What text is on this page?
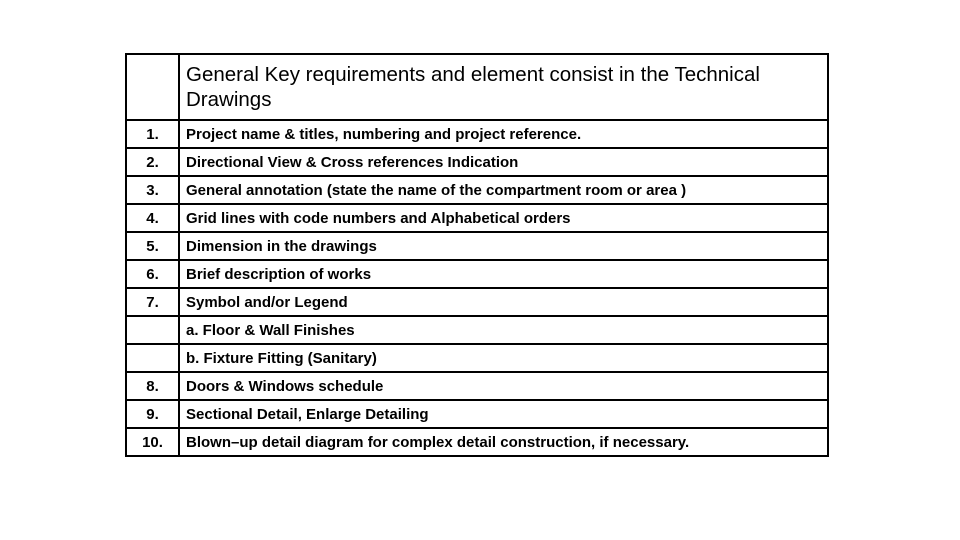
	General Key requirements and element consist in the Technical Drawings
1.	Project name & titles, numbering and project reference.
2.	Directional View & Cross references Indication
3.	General annotation (state the name of the compartment room or area )
4.	Grid lines with code numbers and Alphabetical orders
5.	Dimension in the drawings
6.	Brief description of works
7.	Symbol and/or Legend
	a. Floor & Wall Finishes
	b. Fixture Fitting (Sanitary)
8.	Doors & Windows schedule
9.	Sectional Detail, Enlarge Detailing
10.	Blown–up detail diagram for complex detail construction, if necessary.
